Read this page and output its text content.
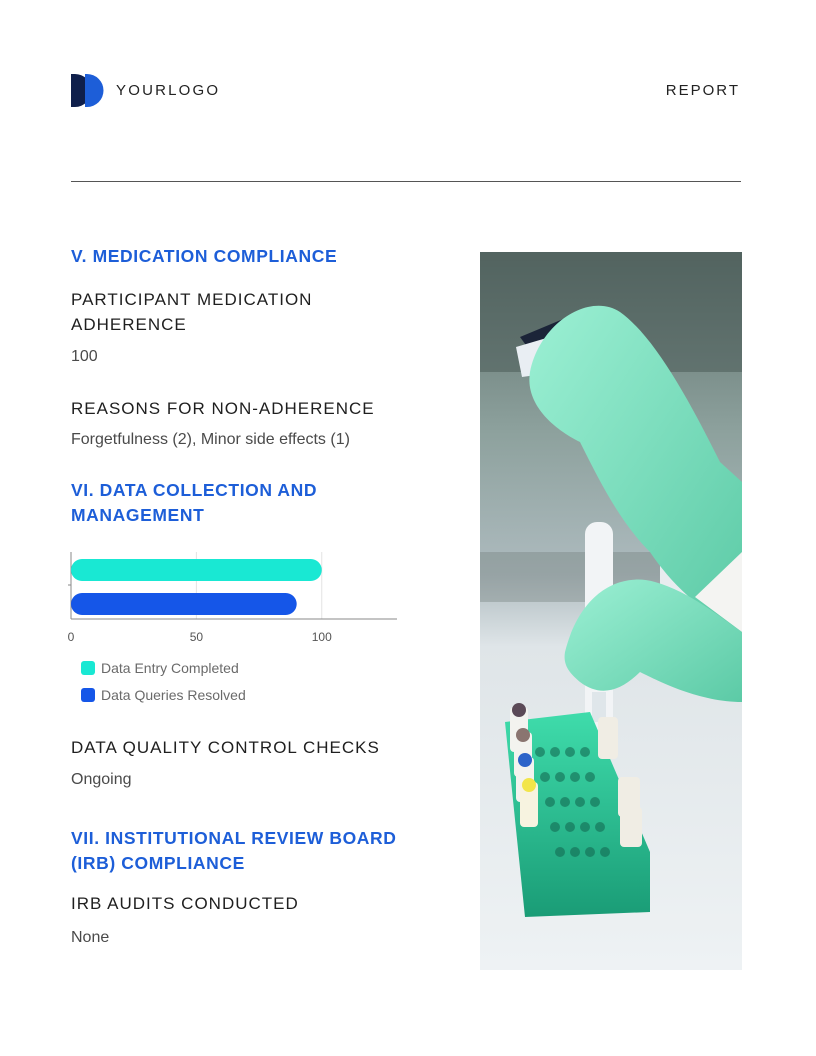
YOURLOGO	REPORT
V. MEDICATION COMPLIANCE
PARTICIPANT MEDICATION
ADHERENCE
100
REASONS FOR NON-ADHERENCE
Forgetfulness (2), Minor side effects (1)
VI. DATA COLLECTION AND
MANAGEMENT
0	50	100
Data Entry Completed
Data Queries Resolved
DATA QUALITY CONTROL CHECKS
Ongoing
VII. INSTITUTIONAL REVIEW BOARD
(IRB) COMPLIANCE
IRB AUDITS CONDUCTED
None
